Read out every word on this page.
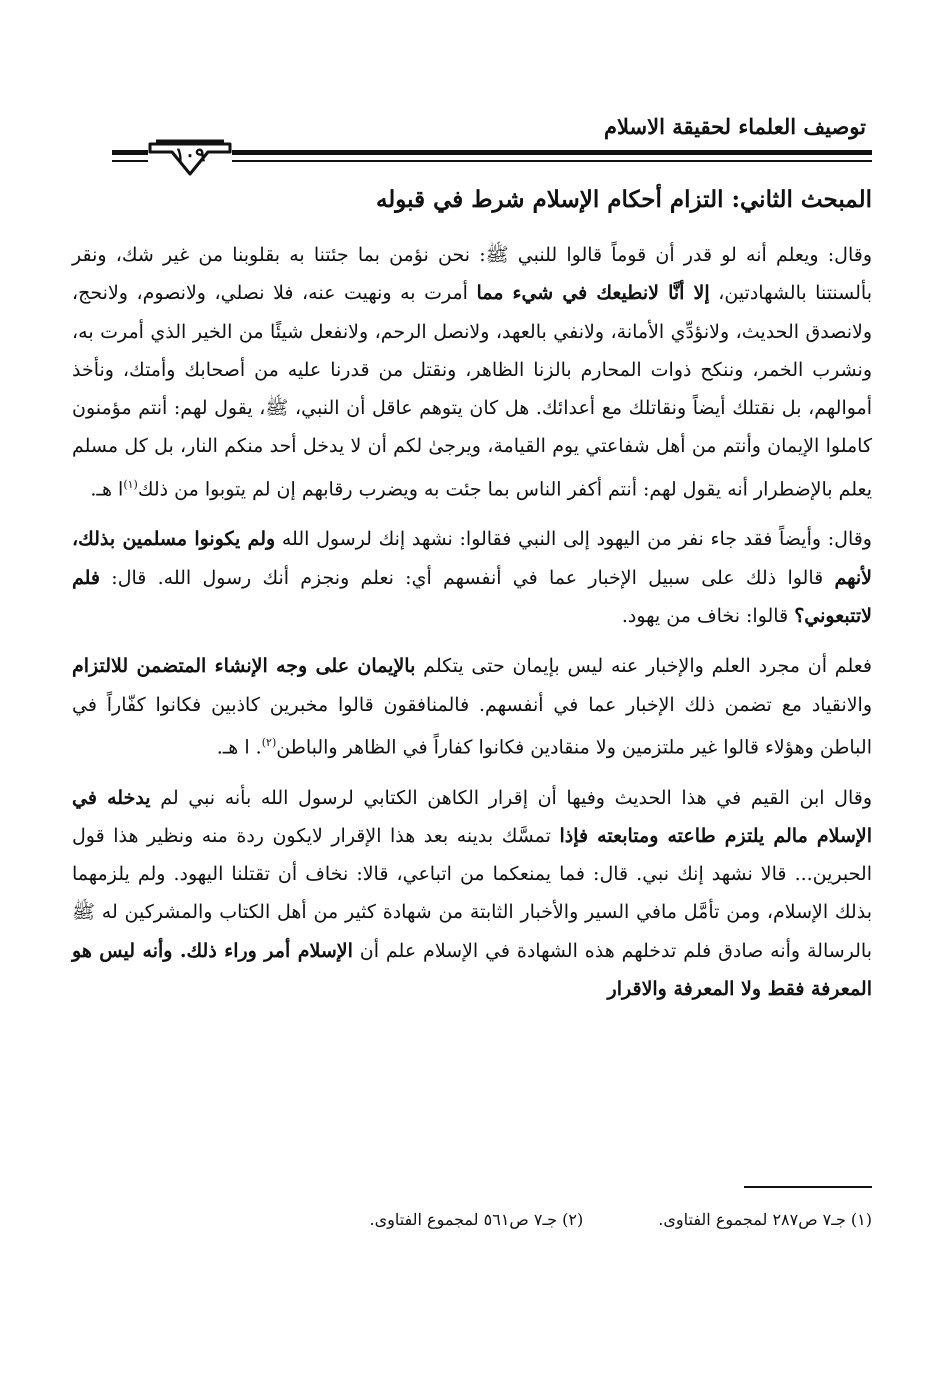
توصيف العلماء لحقيقة الاسلام
١٠٩
المبحث الثاني: التزام أحكام الإسلام شرط في قبوله

وقال: ويعلم أنه لو قدر أن قوماً قالوا للنبي ﷺ: نحن نؤمن بما جئتنا به بقلوبنا من غير شك، ونقر بألسنتنا بالشهادتين، إلا أنَّا لانطيعك في شيء مما أمرت به ونهيت عنه، فلا نصلي، ولانصوم، ولانحج، ولانصدق الحديث، ولانؤدِّي الأمانة، ولانفي بالعهد، ولانصل الرحم، ولانفعل شيئًا من الخير الذي أمرت به، ونشرب الخمر، وننكح ذوات المحارم بالزنا الظاهر، ونقتل من قدرنا عليه من أصحابك وأمتك، ونأخذ أموالهم، بل نقتلك أيضاً ونقاتلك مع أعدائك. هل كان يتوهم عاقل أن النبي، ﷺ، يقول لهم: أنتم مؤمنون كاملوا الإيمان وأنتم من أهل شفاعتي يوم القيامة، ويرجىٰ لكم أن لا يدخل أحد منكم النار، بل كل مسلم يعلم بالإضطرار أنه يقول لهم: أنتم أكفر الناس بما جئت به ويضرب رقابهم إن لم يتوبوا من ذلك$^{(١)}$ا هـ.

وقال: وأيضاً فقد جاء نفر من اليهود إلى النبي فقالوا: نشهد إنك لرسول الله ولم يكونوا مسلمين بذلك، لأنهم قالوا ذلك على سبيل الإخبار عما في أنفسهم أي: نعلم ونجزم أنك رسول الله. قال: فلم لاتتبعوني؟ قالوا: نخاف من يهود.

فعلم أن مجرد العلم والإخبار عنه ليس بإيمان حتى يتكلم بالإيمان على وجه الإنشاء المتضمن للالتزام والانقياد مع تضمن ذلك الإخبار عما في أنفسهم. فالمنافقون قالوا مخبرين كاذبين فكانوا كفّاراً في الباطن وهؤلاء قالوا غير ملتزمين ولا منقادين فكانوا كفاراً في الظاهر والباطن$^{(٢)}$. ا هـ.

وقال ابن القيم في هذا الحديث وفيها أن إقرار الكاهن الكتابي لرسول الله بأنه نبي لم يدخله في الإسلام مالم يلتزم طاعته ومتابعته فإذا تمسَّك بدينه بعد هذا الإقرار لايكون ردة منه ونظير هذا قول الحبرين... قالا نشهد إنك نبي. قال: فما يمنعكما من اتباعي، قالا: نخاف أن تقتلنا اليهود. ولم يلزمهما بذلك الإسلام، ومن تأمَّل مافي السير والأخبار الثابتة من شهادة كثير من أهل الكتاب والمشركين له ﷺ بالرسالة وأنه صادق فلم تدخلهم هذه الشهادة في الإسلام علم أن الإسلام أمر وراء ذلك. وأنه ليس هو المعرفة فقط ولا المعرفة والاقرار

(١) جـ٧ ص٢٨٧ لمجموع الفتاوى. (٢) جـ٧ ص٥٦١ لمجموع الفتاوى.
